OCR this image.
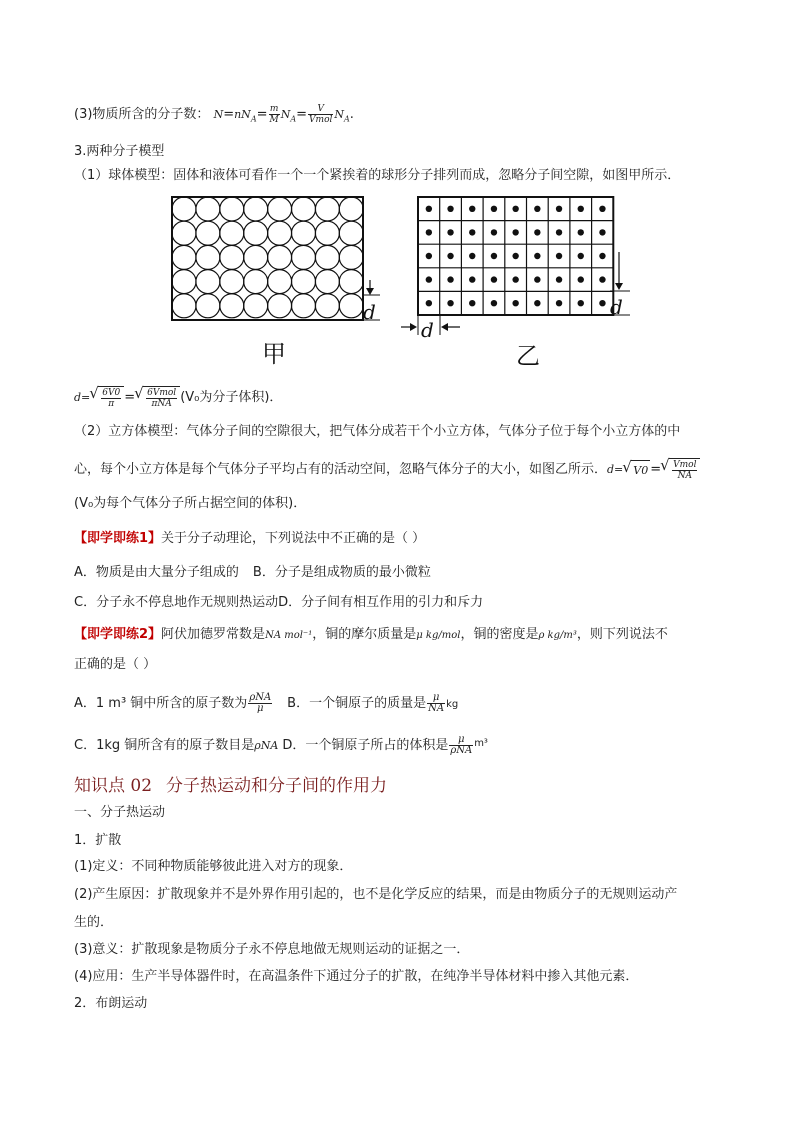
(3)物质所含的分子数： $N=nN_A= \frac{m}{M} N_A= \frac{V}{\text{Vmol}} N_A$.
3.两种分子模型
（1）球体模型：固体和液体可看作一个一个紧挨着的球形分子排列而成，忽略分子间空隙，如图甲所示．
d
甲
d
d
乙
d= √ $\frac{6V0}{\pi}$ = √ $\frac{\text{6Vmol}}{\text{πNA}} (V_0$为分子体积)．
（2）立方体模型：气体分子间的空隙很大，把气体分成若干个小立方体，气体分子位于每个小立方体的中
心，每个小立方体是每个气体分子平均占有的活动空间，忽略气体分子的大小，如图乙所示．d= √ V0 = √ $\frac{\text{Vmol}}{NA}$
(V₀为每个气体分子所占据空间的体积)．
【即学即练1】关于分子动理论，下列说法中不正确的是（ ）
A．物质是由大量分子组成的 B．分子是组成物质的最小微粒
C．分子永不停息地作无规则热运动D．分子间有相互作用的引力和斥力
【即学即练2】阿伏加德罗常数是NA mol⁻¹，铜的摩尔质量是μ kg/mol，铜的密度是ρ kg/m³，则下列说法不
正确的是（ ）
A．1 m³ 铜中所含的原子数为 $\frac{\text{ρNA}}{\mu}$ B．一个铜原子的质量是 $\frac{\mu}{NA}$ kg
C．1kg 铜所含有的原子数目是ρNA D．一个铜原子所占的体积是 $\frac{\mu}{\text{ρNA}} ^{m^3}$
知识点 02 分子热运动和分子间的作用力
一、分子热运动
1．扩散
(1)定义：不同种物质能够彼此进入对方的现象．
(2)产生原因：扩散现象并不是外界作用引起的，也不是化学反应的结果，而是由物质分子的无规则运动产
生的．
(3)意义：扩散现象是物质分子永不停息地做无规则运动的证据之一．
(4)应用：生产半导体器件时，在高温条件下通过分子的扩散，在纯净半导体材料中掺入其他元素．
2．布朗运动
